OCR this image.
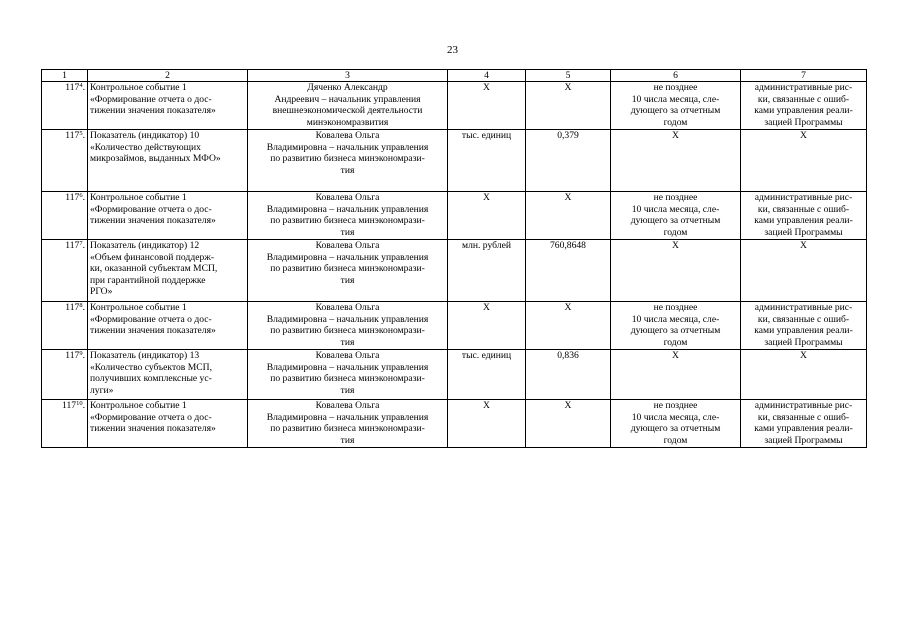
23
1	2	3	4	5	6	7
$117^4$.	Контрольное событие 1
«Формирование отчета о дос-
тижении значения показателя»	Дяченко Александр
Андреевич – начальник управления
внешнеэкономической деятельности
минэкономразвития	X	X	не позднее
10 числа месяца, сле-
дующего за отчетным
годом	административные рис-
ки, связанные с ошиб-
ками управления реали-
зацией Программы

$117^5$.	Показатель (индикатор) 10
«Количество действующих
микрозаймов, выданных МФО»	Ковалева Ольга
Владимировна – начальник управления
по развитию бизнеса минэкономрази-
тия	тыс. единиц	0,379	X	X

$117^6$.	Контрольное событие 1
«Формирование отчета о дос-
тижении значения показателя»	Ковалева Ольга
Владимировна – начальник управления
по развитию бизнеса минэкономрази-
тия	X	X	не позднее
10 числа месяца, сле-
дующего за отчетным
годом	административные рис-
ки, связанные с ошиб-
ками управления реали-
зацией Программы

$117^7$.	Показатель (индикатор) 12
«Объем финансовой поддерж-
ки, оказанной субъектам МСП,
при гарантийной поддержке
РГО»	Ковалева Ольга
Владимировна – начальник управления
по развитию бизнеса минэкономрази-
тия	млн. рублей	760,8648	X	X

$117^8$.	Контрольное событие 1
«Формирование отчета о дос-
тижении значения показателя»	Ковалева Ольга
Владимировна – начальник управления
по развитию бизнеса минэкономрази-
тия	X	X	не позднее
10 числа месяца, сле-
дующего за отчетным
годом	административные рис-
ки, связанные с ошиб-
ками управления реали-
зацией Программы

$117^9$.	Показатель (индикатор) 13
«Количество субъектов МСП,
получивших комплексные ус-
луги»	Ковалева Ольга
Владимировна – начальник управления
по развитию бизнеса минэкономрази-
тия	тыс. единиц	0,836	X	X

$117^{10}$.	Контрольное событие 1
«Формирование отчета о дос-
тижении значения показателя»	Ковалева Ольга
Владимировна – начальник управления
по развитию бизнеса минэкономрази-
тия	X	X	не позднее
10 числа месяца, сле-
дующего за отчетным
годом	административные рис-
ки, связанные с ошиб-
ками управления реали-
зацией Программы
